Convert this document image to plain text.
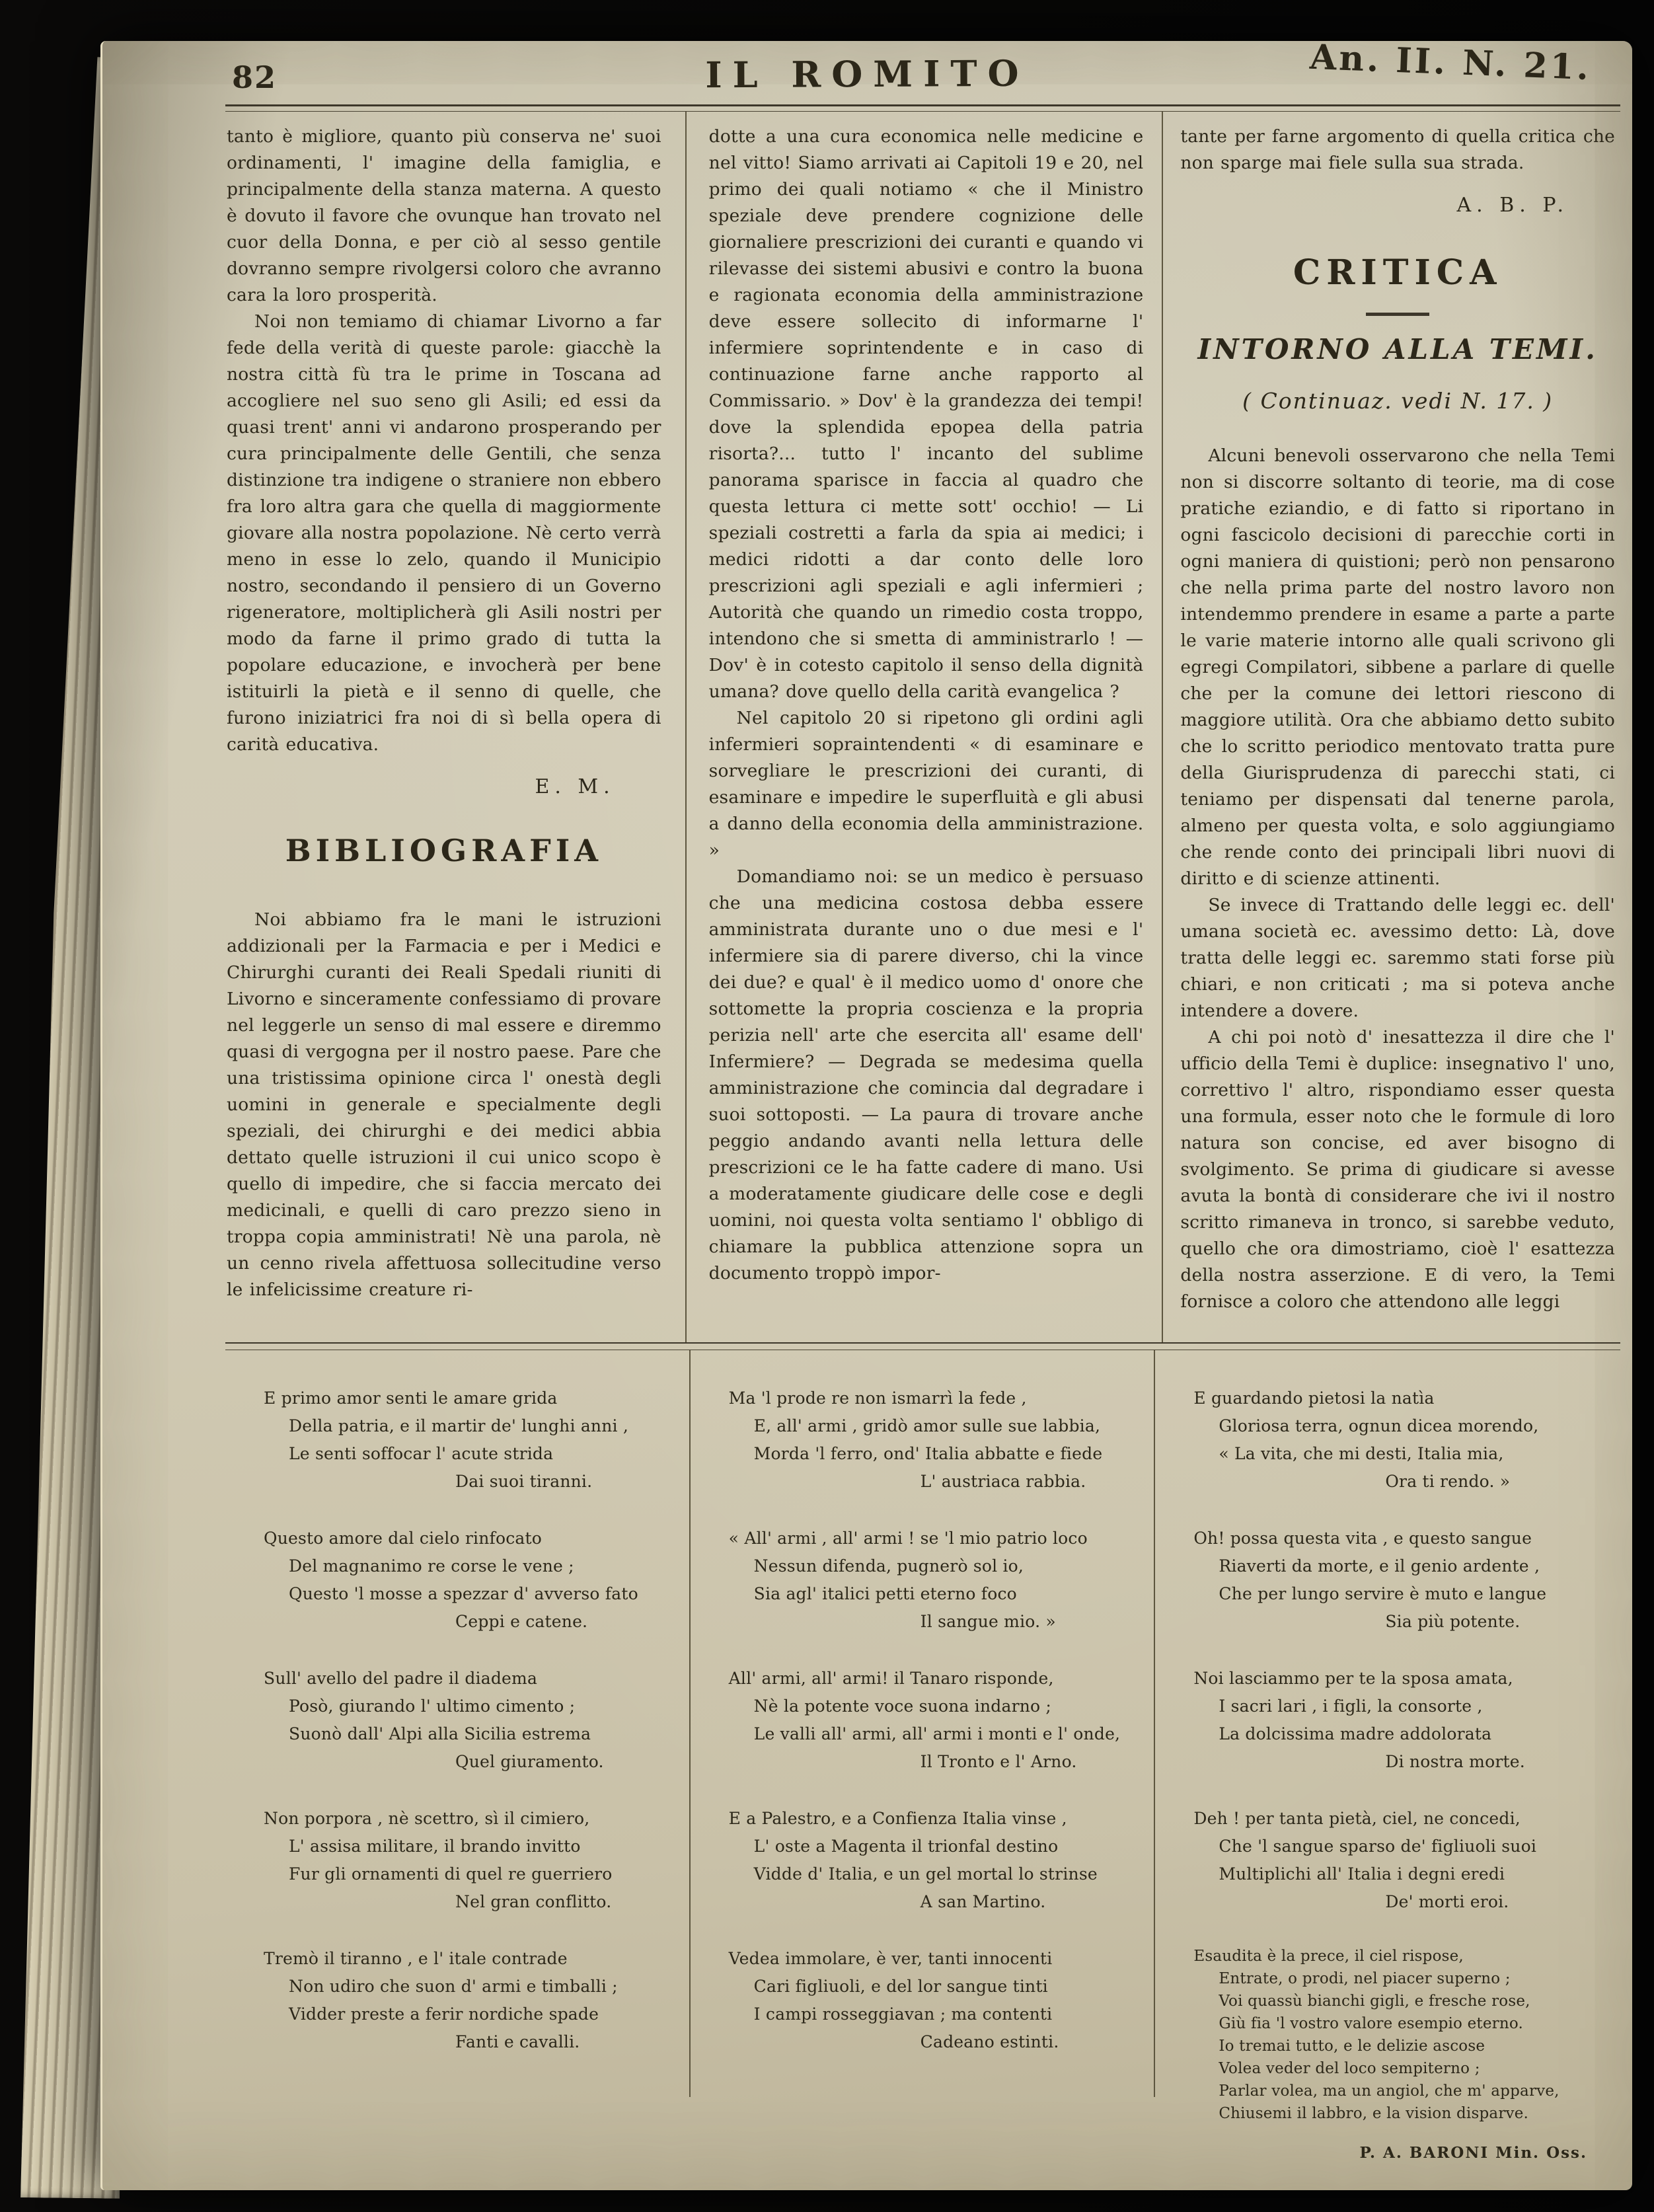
82	IL ROMITO	An. II. N. 21.

tanto è migliore, quanto più conserva ne' suoi ordinamenti, l' imagine della famiglia, e principalmente della stanza materna. A questo è dovuto il favore che ovunque han trovato nel cuor della Donna, e per ciò al sesso gentile dovranno sempre rivolgersi coloro che avranno cara la loro prosperità.

Noi non temiamo di chiamar Livorno a far fede della verità di queste parole: giacchè la nostra città fù tra le prime in Toscana ad accogliere nel suo seno gli Asili; ed essi da quasi trent' anni vi andarono prosperando per cura principalmente delle Gentili, che senza distinzione tra indigene o straniere non ebbero fra loro altra gara che quella di maggiormente giovare alla nostra popolazione. Nè certo verrà meno in esse lo zelo, quando il Municipio nostro, secondando il pensiero di un Governo rigeneratore, moltiplicherà gli Asili nostri per modo da farne il primo grado di tutta la popolare educazione, e invocherà per bene istituirli la pietà e il senno di quelle, che furono iniziatrici fra noi di sì bella opera di carità educativa.

E. M.
BIBLIOGRAFIA

Noi abbiamo fra le mani le istruzioni addizionali per la Farmacia e per i Medici e Chirurghi curanti dei Reali Spedali riuniti di Livorno e sinceramente confessiamo di provare nel leggerle un senso di mal essere e diremmo quasi di vergogna per il nostro paese. Pare che una tristissima opinione circa l' onestà degli uomini in generale e specialmente degli speziali, dei chirurghi e dei medici abbia dettato quelle istruzioni il cui unico scopo è quello di impedire, che si faccia mercato dei medicinali, e quelli di caro prezzo sieno in troppa copia amministrati! Nè una parola, nè un cenno rivela affettuosa sollecitudine verso le infelicissime creature ri-

dotte a una cura economica nelle medicine e nel vitto! Siamo arrivati ai Capitoli 19 e 20, nel primo dei quali notiamo « che il Ministro speziale deve prendere cognizione delle giornaliere prescrizioni dei curanti e quando vi rilevasse dei sistemi abusivi e contro la buona e ragionata economia della amministrazione deve essere sollecito di informarne l' infermiere soprintendente e in caso di continuazione farne anche rapporto al Commissario. » Dov' è la grandezza dei tempi! dove la splendida epopea della patria risorta?... tutto l' incanto del sublime panorama sparisce in faccia al quadro che questa lettura ci mette sott' occhio! — Li speziali costretti a farla da spia ai medici; i medici ridotti a dar conto delle loro prescrizioni agli speziali e agli infermieri ; Autorità che quando un rimedio costa troppo, intendono che si smetta di amministrarlo ! — Dov' è in cotesto capitolo il senso della dignità umana? dove quello della carità evangelica ?

Nel capitolo 20 si ripetono gli ordini agli infermieri sopraintendenti « di esaminare e sorvegliare le prescrizioni dei curanti, di esaminare e impedire le superfluità e gli abusi a danno della economia della amministrazione. »

Domandiamo noi: se un medico è persuaso che una medicina costosa debba essere amministrata durante uno o due mesi e l' infermiere sia di parere diverso, chi la vince dei due? e qual' è il medico uomo d' onore che sottomette la propria coscienza e la propria perizia nell' arte che esercita all' esame dell' Infermiere? — Degrada se medesima quella amministrazione che comincia dal degradare i suoi sottoposti. — La paura di trovare anche peggio andando avanti nella lettura delle prescrizioni ce le ha fatte cadere di mano. Usi a moderatamente giudicare delle cose e degli uomini, noi questa volta sentiamo l' obbligo di chiamare la pubblica attenzione sopra un documento troppò impor-

tante per farne argomento di quella critica che non sparge mai fiele sulla sua strada.

A. B. P.
CRITICA
INTORNO ALLA TEMI.
( Continuaz. vedi N. 17. )

Alcuni benevoli osservarono che nella Temi non si discorre soltanto di teorie, ma di cose pratiche eziandio, e di fatto si riportano in ogni fascicolo decisioni di parecchie corti in ogni maniera di quistioni; però non pensarono che nella prima parte del nostro lavoro non intendemmo prendere in esame a parte a parte le varie materie intorno alle quali scrivono gli egregi Compilatori, sibbene a parlare di quelle che per la comune dei lettori riescono di maggiore utilità. Ora che abbiamo detto subito che lo scritto periodico mentovato tratta pure della Giurisprudenza di parecchi stati, ci teniamo per dispensati dal tenerne parola, almeno per questa volta, e solo aggiungiamo che rende conto dei principali libri nuovi di diritto e di scienze attinenti.

Se invece di Trattando delle leggi ec. dell' umana società ec. avessimo detto: Là, dove tratta delle leggi ec. saremmo stati forse più chiari, e non criticati ; ma si poteva anche intendere a dovere.

A chi poi notò d' inesattezza il dire che l' ufficio della Temi è duplice: insegnativo l' uno, correttivo l' altro, rispondiamo esser questa una formula, esser noto che le formule di loro natura son concise, ed aver bisogno di svolgimento. Se prima di giudicare si avesse avuta la bontà di considerare che ivi il nostro scritto rimaneva in tronco, si sarebbe veduto, quello che ora dimostriamo, cioè l' esattezza della nostra asserzione. E di vero, la Temi fornisce a coloro che attendono alle leggi

E primo amor senti le amare grida
Della patria, e il martir de' lunghi anni ,
Le senti soffocar l' acute strida
Dai suoi tiranni.
Questo amore dal cielo rinfocato
Del magnanimo re corse le vene ;
Questo 'l mosse a spezzar d' avverso fato
Ceppi e catene.
Sull' avello del padre il diadema
Posò, giurando l' ultimo cimento ;
Suonò dall' Alpi alla Sicilia estrema
Quel giuramento.
Non porpora , nè scettro, sì il cimiero,
L' assisa militare, il brando invitto
Fur gli ornamenti di quel re guerriero
Nel gran conflitto.
Tremò il tiranno , e l' itale contrade
Non udiro che suon d' armi e timballi ;
Vidder preste a ferir nordiche spade
Fanti e cavalli.
Ma 'l prode re non ismarrì la fede ,
E, all' armi , gridò amor sulle sue labbia,
Morda 'l ferro, ond' Italia abbatte e fiede
L' austriaca rabbia.
« All' armi , all' armi ! se 'l mio patrio loco
Nessun difenda, pugnerò sol io,
Sia agl' italici petti eterno foco
Il sangue mio. »
All' armi, all' armi! il Tanaro risponde,
Nè la potente voce suona indarno ;
Le valli all' armi, all' armi i monti e l' onde,
Il Tronto e l' Arno.
E a Palestro, e a Confienza Italia vinse ,
L' oste a Magenta il trionfal destino
Vidde d' Italia, e un gel mortal lo strinse
A san Martino.
Vedea immolare, è ver, tanti innocenti
Cari figliuoli, e del lor sangue tinti
I campi rosseggiavan ; ma contenti
Cadeano estinti.
E guardando pietosi la natìa
Gloriosa terra, ognun dicea morendo,
« La vita, che mi desti, Italia mia,
Ora ti rendo. »
Oh! possa questa vita , e questo sangue
Riaverti da morte, e il genio ardente ,
Che per lungo servire è muto e langue
Sia più potente.
Noi lasciammo per te la sposa amata,
I sacri lari , i figli, la consorte ,
La dolcissima madre addolorata
Di nostra morte.
Deh ! per tanta pietà, ciel, ne concedi,
Che 'l sangue sparso de' figliuoli suoi
Multiplichi all' Italia i degni eredi
De' morti eroi.
Esaudita è la prece, il ciel rispose,
Entrate, o prodi, nel piacer superno ;
Voi quassù bianchi gigli, e fresche rose,
Giù fia 'l vostro valore esempio eterno.
Io tremai tutto, e le delizie ascose
Volea veder del loco sempiterno ;
Parlar volea, ma un angiol, che m' apparve,
Chiusemi il labbro, e la vision disparve.
P. A. BARONI Min. Oss.
